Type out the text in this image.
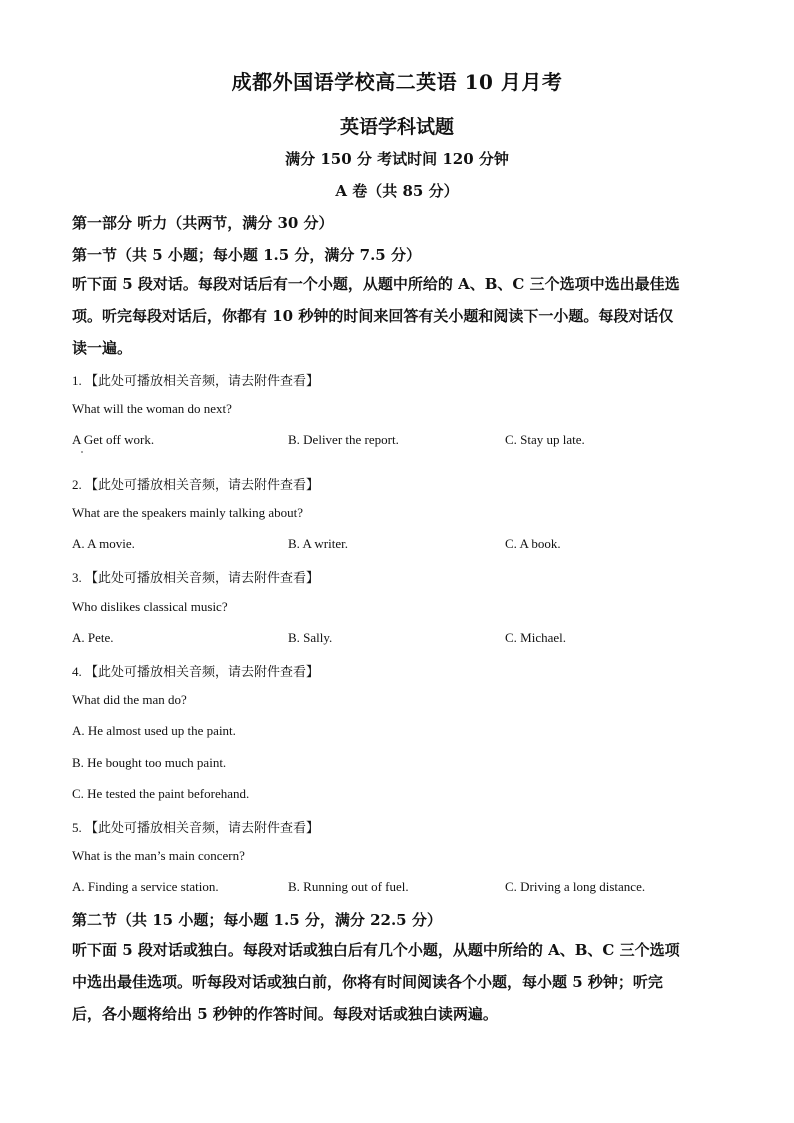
成都外国语学校高二英语 10 月月考
英语学科试题
满分 150 分 考试时间 120 分钟
A 卷（共 85 分）
第一部分 听力（共两节，满分 30 分）
第一节（共 5 小题；每小题 1.5 分，满分 7.5 分）
听下面 5 段对话。每段对话后有一个小题，从题中所给的 A、B、C 三个选项中选出最佳选
项。听完每段对话后，你都有 10 秒钟的时间来回答有关小题和阅读下一小题。每段对话仅
读一遍。
1. 【此处可播放相关音频，请去附件查看】
What will the woman do next?
A Get off work.	B. Deliver the report.	C. Stay up late.
2. 【此处可播放相关音频，请去附件查看】
What are the speakers mainly talking about?
A. A movie.	B. A writer.	C. A book.
3. 【此处可播放相关音频，请去附件查看】
Who dislikes classical music?
A. Pete.	B. Sally.	C. Michael.
4. 【此处可播放相关音频，请去附件查看】
What did the man do?
A. He almost used up the paint.
B. He bought too much paint.
C. He tested the paint beforehand.
5. 【此处可播放相关音频，请去附件查看】
What is the man’s main concern?
A. Finding a service station.	B. Running out of fuel.	C. Driving a long distance.
第二节（共 15 小题；每小题 1.5 分，满分 22.5 分）
听下面 5 段对话或独白。每段对话或独白后有几个小题，从题中所给的 A、B、C 三个选项
中选出最佳选项。听每段对话或独白前，你将有时间阅读各个小题，每小题 5 秒钟；听完
后，各小题将给出 5 秒钟的作答时间。每段对话或独白读两遍。
